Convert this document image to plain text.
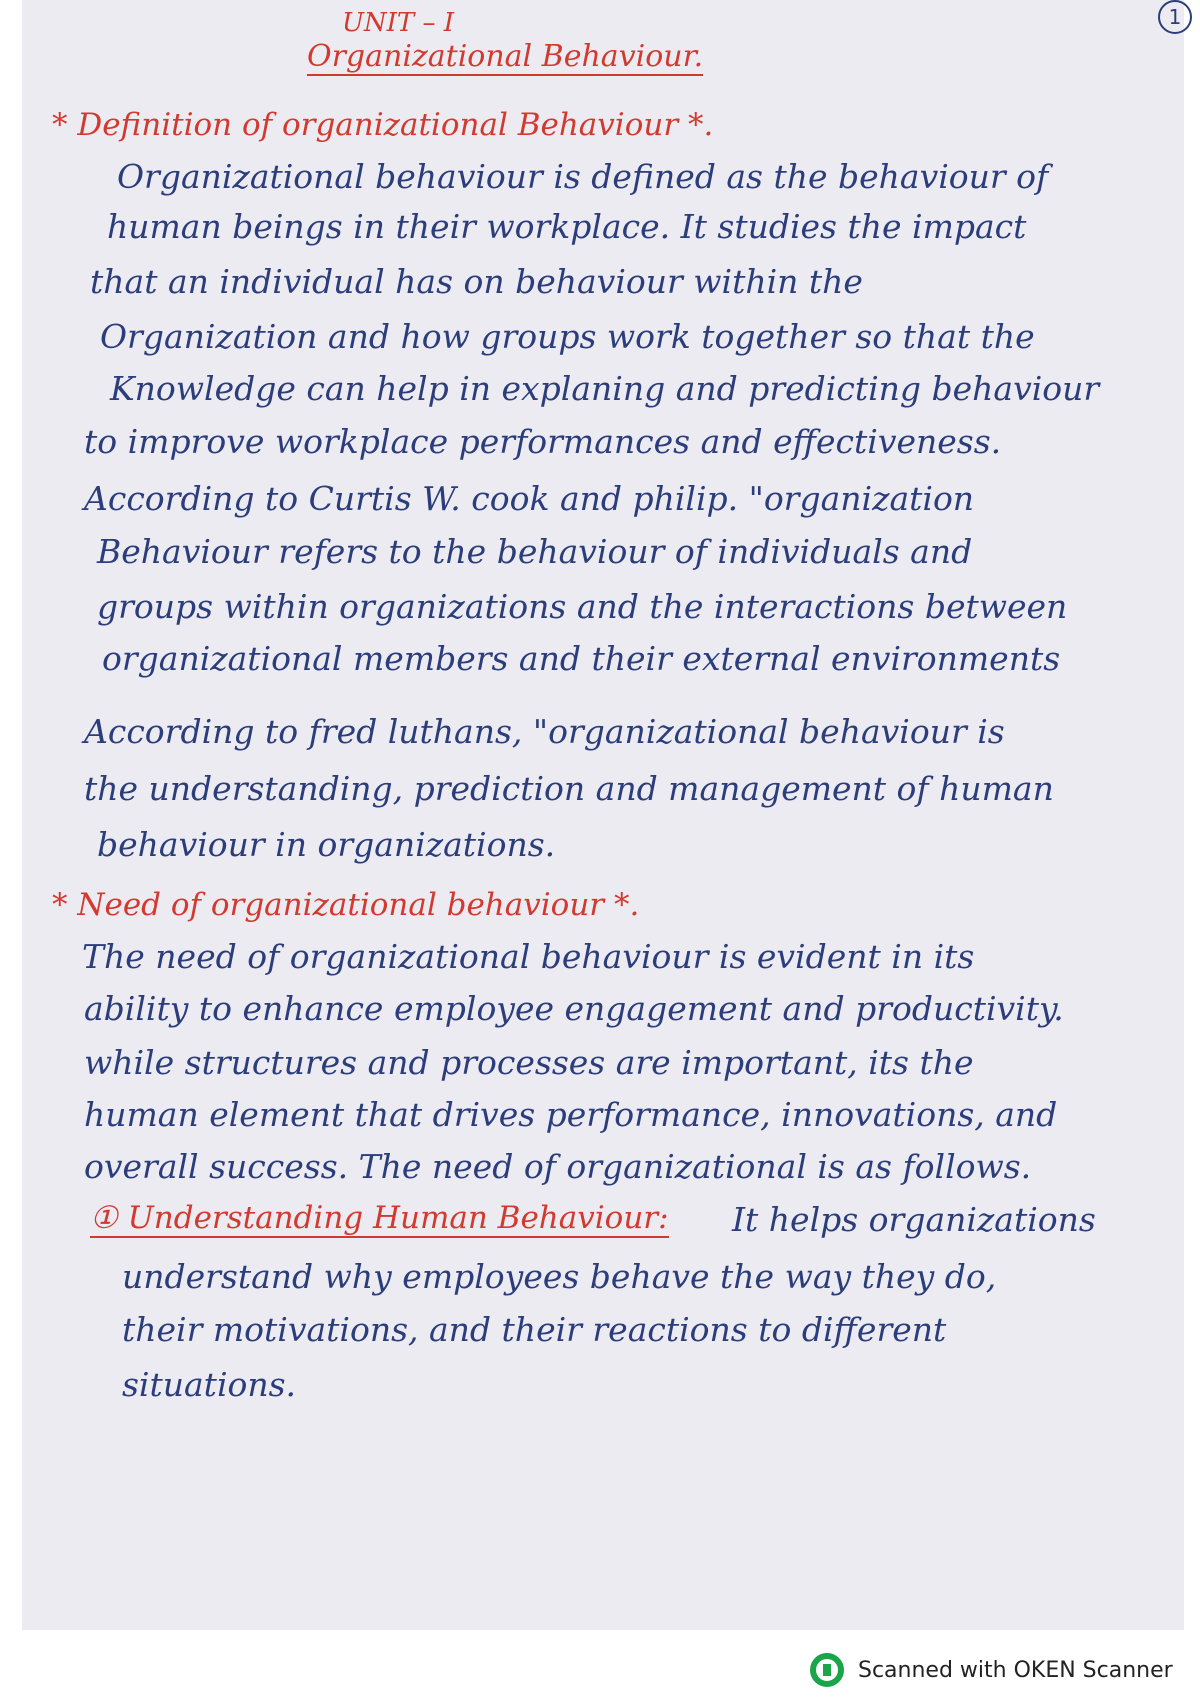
UNIT – I	1
Organizational Behaviour.
* Definition of organizational Behaviour *.
Organizational behaviour is defined as the behaviour of
human beings in their workplace. It studies the impact
that an individual has on behaviour within the
Organization and how groups work together so that the
Knowledge can help in explaning and predicting behaviour
to improve workplace performances and effectiveness.
According to Curtis W. cook and philip. "organization
Behaviour refers to the behaviour of individuals and
groups within organizations and the interactions between
organizational members and their external environments
According to fred luthans, "organizational behaviour is
the understanding, prediction and management of human
behaviour in organizations.
* Need of organizational behaviour *.
The need of organizational behaviour is evident in its
ability to enhance employee engagement and productivity.
while structures and processes are important, its the
human element that drives performance, innovations, and
overall success. The need of organizational is as follows.
① Understanding Human Behaviour: It helps organizations
understand why employees behave the way they do,
their motivations, and their reactions to different
situations.
Scanned with OKEN Scanner
